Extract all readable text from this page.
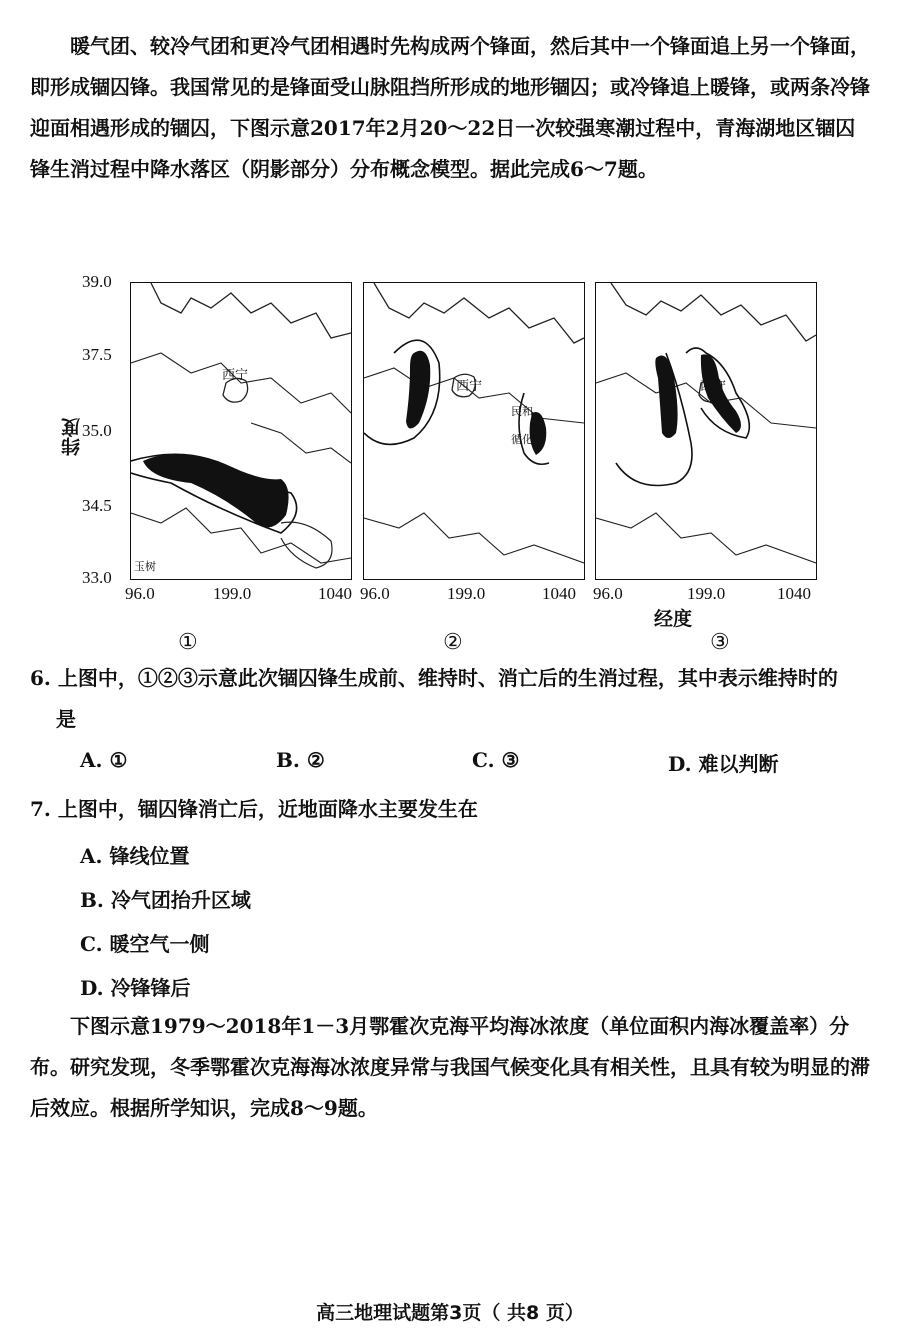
暖气团、较冷气团和更冷气团相遇时先构成两个锋面，然后其中一个锋面追上另一个锋面，即形成锢囚锋。我国常见的是锋面受山脉阻挡所形成的地形锢囚；或冷锋追上暖锋，或两条冷锋迎面相遇形成的锢囚，下图示意2017年2月20～22日一次较强寒潮过程中，青海湖地区锢囚锋生消过程中降水落区（阴影部分）分布概念模型。据此完成6～7题。

纬度
39.0
37.5
35.0
34.5
33.0
西宁
玉树
西宁
民和
循化
西宁
96.0	199.0	1040 96.0	199.0	1040 96.0	199.0	1040
经度
①	②	③
6. 上图中，①②③示意此次锢囚锋生成前、维持时、消亡后的生消过程，其中表示维持时的
是
A. ①	B. ②	C. ③	D. 难以判断
7. 上图中，锢囚锋消亡后，近地面降水主要发生在
A. 锋线位置
B. 冷气团抬升区域
C. 暖空气一侧
D. 冷锋锋后

下图示意1979～2018年1－3月鄂霍次克海平均海冰浓度（单位面积内海冰覆盖率）分布。研究发现，冬季鄂霍次克海海冰浓度异常与我国气候变化具有相关性，且具有较为明显的滞后效应。根据所学知识，完成8～9题。

高三地理试题第3页（ 共8 页）
